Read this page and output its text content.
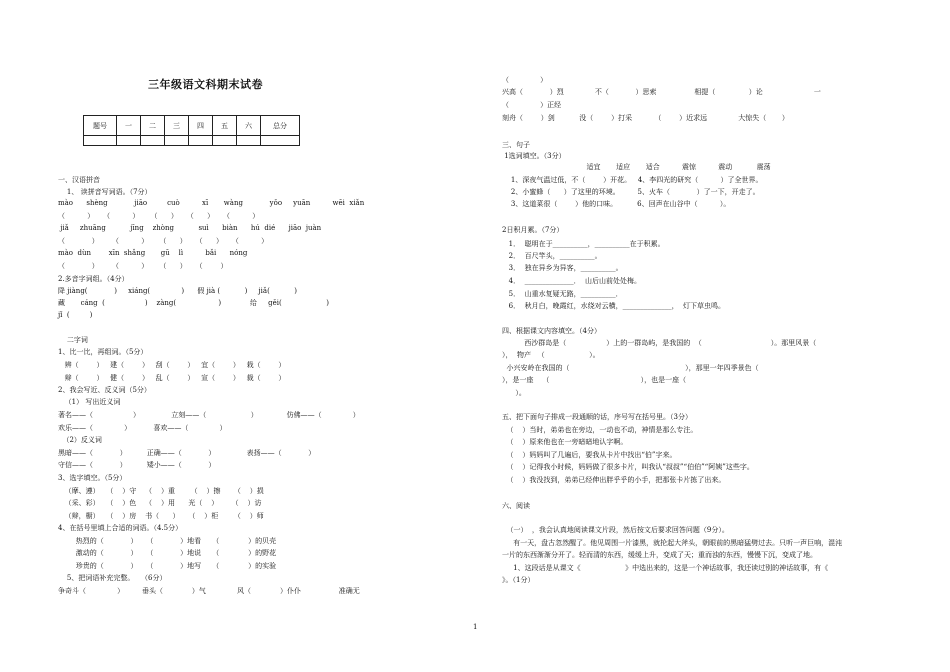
三年级语文科期末试卷
题号	一	二	三	四	五	六	总分

一、汉语拼音
1、 读拼音写词语。（7分）
mào      shèng            jiāo         cuò          xī       wàng            yǒo     yuān          wēi  xiǎn
（          ）    （          ）     （      ）    （      ）    （          ）
jiǎ     zhuāng           jīng    zhòng           suì      biàn      hú  dié      jiāo  juàn
（            ）      （          ）     （      ）    （      ）    （          ）
mào  dùn        xīn  shǎng       gū    lì          bǎi      nóng
（            ）      （          ）     （      ）    （        ）
2.多音字词组。（4分）
降 jiàng(            )     xiáng(              )      假 jià (           )     jiǎ(           )
藏       cáng  (                  )    zàng(                   )             给     gěi(                    )
jǐ  (         )
二字词
1、比一比，再组词。（5分）
辨（        ）   建（        ）   刮（        ）   宜（        ）   栽（        ）
辩（        ）   健（        ）   乱（        ）   宣（        ）   裁（        ）
2、我会写近、反义词（5分）
（1） 写出近义词
著名——（                  ）              立刻——（                    ）             仿佛——（              ）
欢乐——（              ）          喜欢——（              ）
（2）反义词
黑暗——（            ）         正确——（            ）              表扬——（            ）
守信——（            ）         矮小——（            ）
3、选字填空。（5分）
（摩、遵）   （    ）守    （    ）重       （    ）擦      （    ）损
（采、彩）   （    ）色    （    ）用      光（    ）      （    ）访
（辩，橱）   （    ）房    书（      ）    （    ）柜       （    ）师
4、在括号里填上合适的词语。（4.5分）
热烈的（            ）    （            ）地看     （             ）的贝壳
激动的（            ）    （            ）地说     （             ）的野花
珍贵的（            ）    （            ）地写     （             ）的实验
5、把词语补充完整。   （6分）
争奇斗（              ）        垂头（             ）气              风（             ）仆仆                 准确无
（              ）
兴高（            ）烈              不（            ）思索                 相提（               ）论                       一
（              ）正经
刻舟（        ）剑           没（        ）打采          （        ）近求远              大惊失（       ）
三、句子
1选词填空。（3分）
适宜       适应       适合          震惊          震动           震荡
1、深夜气温过低，不（        ）开花。   4、李四光的研究（          ）了全世界。
2、小蜜蜂（      ）了这里的环境。        5、火车（            ）了一下，开走了。
3、这道菜很（        ）他的口味。         6、回声在山谷中（          ）。
2日积月累。（7分）
1．  聪明在于__________，__________在于积累。
2．  百尺竿头，__________。
3．  独在异乡为异客，__________。
4．  ______________．  山后山前处处梅。
5．  山重水复疑无路，__________．
6．  秋月白，晚霞红，水绕对云横，______________，  灯下草虫鸣。
四、根据课文内容填空。（4分）
西沙群岛是（                  ）上的一群岛屿，是我国的  （                               ）。那里风景（
），  物产   （                    ）。
小兴安岭在我国的（                                                    ），那里一年四季景色（
），是一座    （                                         ），也是一座（
）。
五、把下面句子排成一段通顺的话，序号写在括号里。（3分）
（    ）当时，弟弟也在旁边，一动也不动，神情是那么专注。
（    ）原来他也在一旁暗暗地认字啊。
（    ）妈妈叫了几遍后，要我从卡片中找出“伯”字来。
（    ）记得我小时候，妈妈做了很多卡片，叫我认“叔叔”“伯伯”“阿姨”这些字。
（    ）我没找到，弟弟已经伸出胖乎乎的小手，把那张卡片拣了出来。
六、阅读
（一）  ，我会认真地阅读课文片段，然后按文后要求回答问题（9分）。
有一天，盘古忽然醒了。他见周围一片漆黑，就抡起大斧头，朝眼前的黑暗猛劈过去。只听一声巨响，混沌
一片的东西渐渐分开了。轻而清的东西，缓缓上升，变成了天；重而浊的东西，慢慢下沉，变成了地。
1、这段话是从课文《                    》中选出来的，这是一个神话故事，我还读过别的神话故事，有《
》。（1分）
1
